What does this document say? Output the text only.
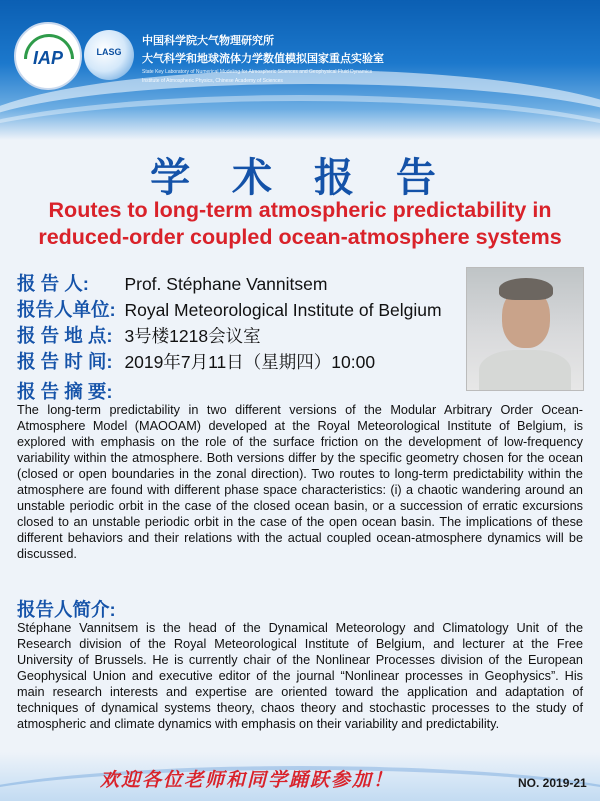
IAP	LASG
中国科学院大气物理研究所
大气科学和地球流体力学数值模拟国家重点实验室
State Key Laboratory of Numerical Modeling for Atmospheric Sciences and Geophysical Fluid Dynamics
Institute of Atmospheric Physics, Chinese Academy of Sciences
学 术 报 告
Routes to long-term atmospheric predictability in
reduced-order coupled ocean-atmosphere systems
报 告 人: Prof. Stéphane Vannitsem
报告人单位: Royal Meteorological Institute of Belgium
报 告 地 点: 3号楼1218会议室
报 告 时 间: 2019年7月11日（星期四）10:00
报 告 摘 要:
The long-term predictability in two different versions of the Modular Arbitrary Order Ocean- Atmosphere Model (MAOOAM) developed at the Royal Meteorological Institute of Belgium, is explored with emphasis on the role of the surface friction on the development of low-frequency variability within the atmosphere. Both versions differ by the specific geometry chosen for the ocean (closed or open boundaries in the zonal direction). Two routes to long-term predictability within the atmosphere are found with different phase space characteristics: (i) a chaotic wandering around an unstable periodic orbit in the case of the closed ocean basin, or a succession of erratic excursions closed to an unstable periodic orbit in the case of the open ocean basin. The implications of these different behaviors and their relations with the actual coupled ocean-atmosphere dynamics will be discussed.
报告人简介:
Stéphane Vannitsem is the head of the Dynamical Meteorology and Climatology Unit of the Research division of the Royal Meteorological Institute of Belgium, and lecturer at the Free University of Brussels. He is currently chair of the Nonlinear Processes division of the European Geophysical Union and executive editor of the journal “Nonlinear processes in Geophysics”. His main research interests and expertise are oriented toward the application and adaptation of techniques of dynamical systems theory, chaos theory and stochastic processes to the study of atmospheric and climate dynamics with emphasis on their variability and predictability.
欢迎各位老师和同学踊跃参加！	NO. 2019-21
